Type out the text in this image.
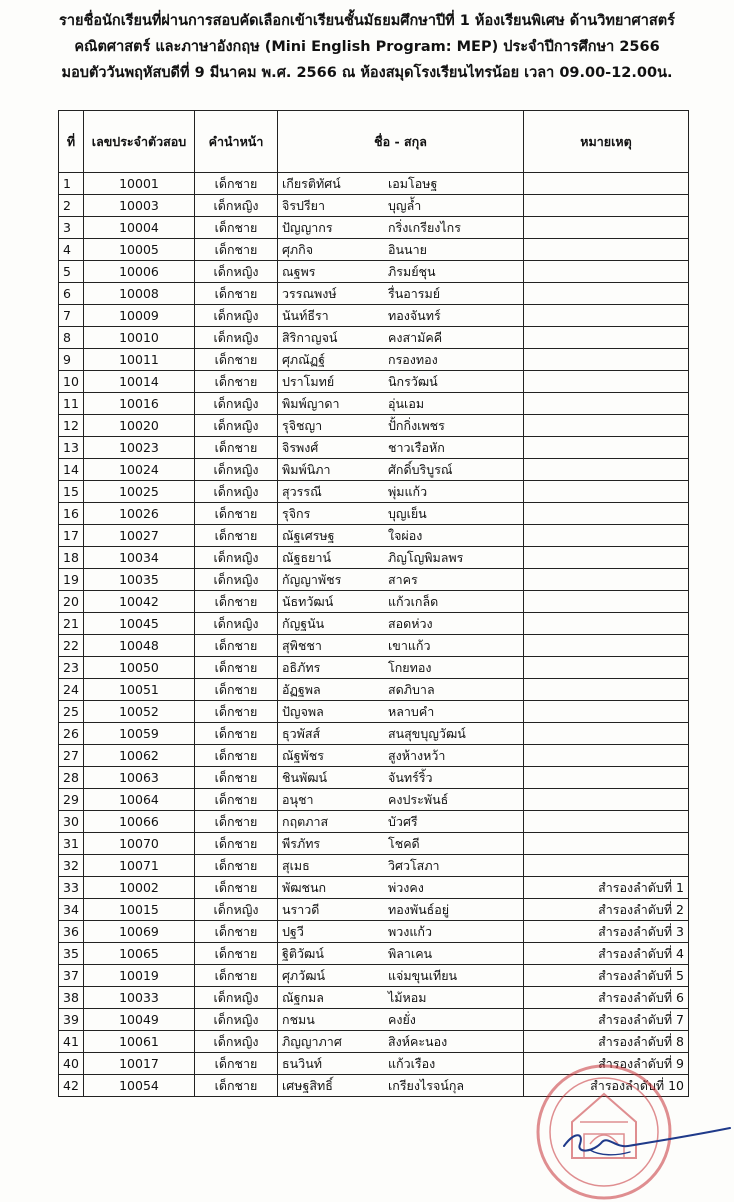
รายชื่อนักเรียนที่ผ่านการสอบคัดเลือกเข้าเรียนชั้นมัธยมศึกษาปีที่ 1 ห้องเรียนพิเศษ ด้านวิทยาศาสตร์
คณิตศาสตร์ และภาษาอังกฤษ (Mini English Program: MEP) ประจำปีการศึกษา 2566
มอบตัววันพฤหัสบดีที่ 9 มีนาคม พ.ศ. 2566 ณ ห้องสมุดโรงเรียนไทรน้อย เวลา 09.00-12.00น.
ที่	เลขประจำตัวสอบ	คำนำหน้า	ชื่อ - สกุล	หมายเหตุ
1	10001	เด็กชาย	เกียรติทัศน์ เอมโอษฐ	
2	10003	เด็กหญิง	จิรปรียา บุญล้ำ	
3	10004	เด็กชาย	ปัญญากร กริ่งเกรียงไกร	
4	10005	เด็กชาย	ศุภกิจ อินนาย	
5	10006	เด็กหญิง	ณฐพร ภิรมย์ชุน	
6	10008	เด็กชาย	วรรณพงษ์ รื่นอารมย์	
7	10009	เด็กหญิง	นันท์ธีรา ทองจันทร์	
8	10010	เด็กหญิง	สิริกาญจน์ คงสามัคคี	
9	10011	เด็กชาย	ศุภณัฏฐ์ กรองทอง	
10	10014	เด็กชาย	ปราโมทย์ นิกรวัฒน์	
11	10016	เด็กหญิง	พิมพ์ญาดา อุ่นเอม	
12	10020	เด็กหญิง	รุจิชญา ปั้กกิ่งเพชร	
13	10023	เด็กชาย	จิรพงศ์ ชาวเรือหัก	
14	10024	เด็กหญิง	พิมพ์นิภา ศักดิ์บริบูรณ์	
15	10025	เด็กหญิง	สุวรรณี พุ่มแก้ว	
16	10026	เด็กชาย	รุจิกร บุญเย็น	
17	10027	เด็กชาย	ณัฐเศรษฐ ใจผ่อง	
18	10034	เด็กหญิง	ณัฐธยาน์ ภิญโญพิมลพร	
19	10035	เด็กหญิง	กัญญาพัชร สาคร	
20	10042	เด็กชาย	นัธทวัฒน์ แก้วเกล็ด	
21	10045	เด็กหญิง	กัญฐนัน สอดห่วง	
22	10048	เด็กชาย	สุพิชชา เขาแก้ว	
23	10050	เด็กชาย	อธิภัทร โกยทอง	
24	10051	เด็กชาย	อัฏฐพล สดภิบาล	
25	10052	เด็กชาย	ปัญจพล หลาบคำ	
26	10059	เด็กชาย	ธุวพัสส์ สนสุขบุญวัฒน์	
27	10062	เด็กชาย	ณัฐพัชร สูงห้างหว้า	
28	10063	เด็กชาย	ชินพัฒน์ จันทร์ริ้ว	
29	10064	เด็กชาย	อนุชา คงประพันธ์	
30	10066	เด็กชาย	กฤตภาส บัวศรี	
31	10070	เด็กชาย	พีรภัทร โชคดี	
32	10071	เด็กชาย	สุเมธ วิศวโสภา	
33	10002	เด็กชาย	พัฒชนก พ่วงคง	สำรองลำดับที่ 1
34	10015	เด็กหญิง	นราวดี ทองพันธ์อยู่	สำรองลำดับที่ 2
36	10069	เด็กชาย	ปฐวี พวงแก้ว	สำรองลำดับที่ 3
35	10065	เด็กชาย	ฐิติวัฒน์ พิลาเคน	สำรองลำดับที่ 4
37	10019	เด็กชาย	ศุภวัฒน์ แจ่มขุนเทียน	สำรองลำดับที่ 5
38	10033	เด็กหญิง	ณัฐกมล ไม้หอม	สำรองลำดับที่ 6
39	10049	เด็กหญิง	กชมน คงยั่ง	สำรองลำดับที่ 7
41	10061	เด็กหญิง	ภิญญาภาศ สิงห์คะนอง	สำรองลำดับที่ 8
40	10017	เด็กชาย	ธนวินท์ แก้วเรือง	สำรองลำดับที่ 9
42	10054	เด็กชาย	เศษฐสิทธิ์ เกรียงไรจน์กุล	สำรองลำดับที่ 10
